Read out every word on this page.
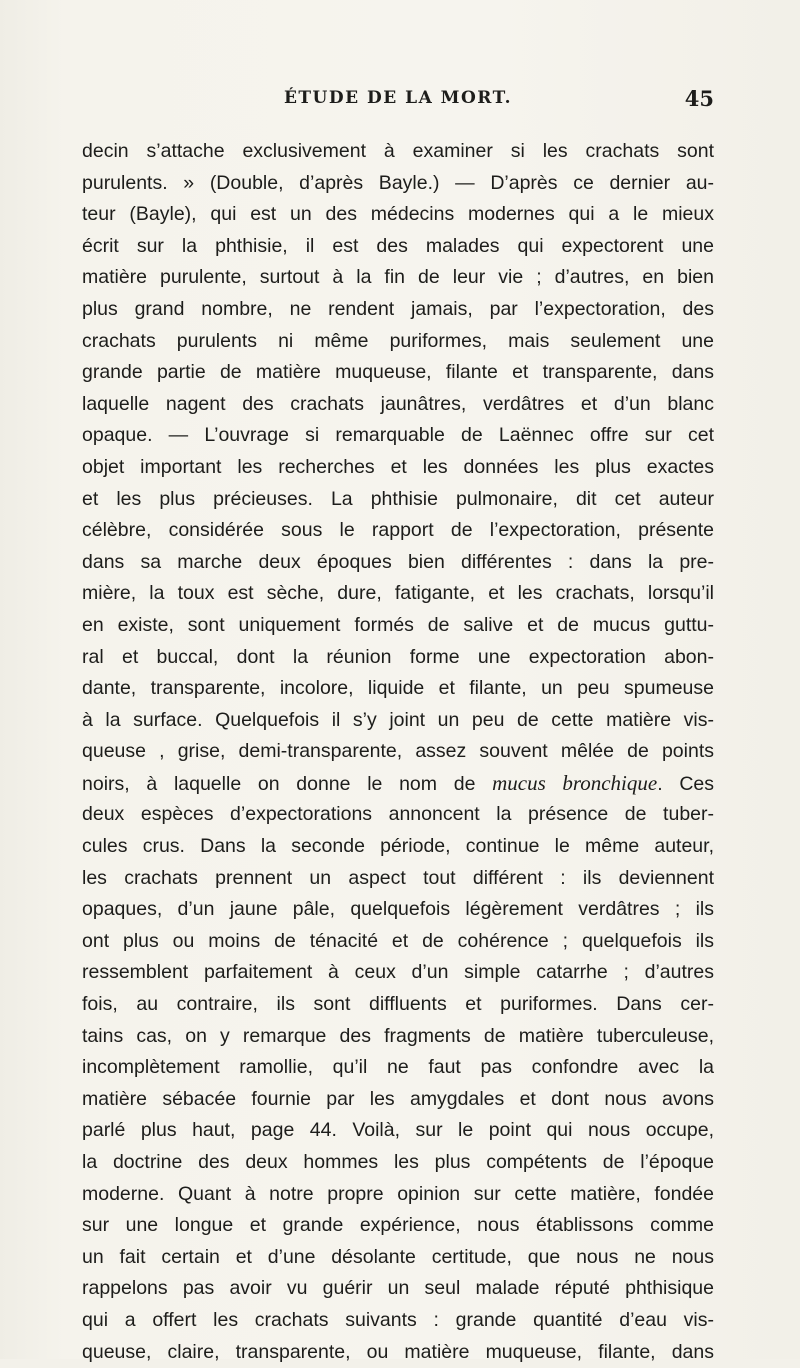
ÉTUDE DE LA MORT.	45
decin s’attache exclusivement à examiner si les crachats sont
purulents. » (Double, d’après Bayle.) — D’après ce dernier au-
teur (Bayle), qui est un des médecins modernes qui a le mieux
écrit sur la phthisie, il est des malades qui expectorent une
matière purulente, surtout à la fin de leur vie ; d’autres, en bien
plus grand nombre, ne rendent jamais, par l’expectoration, des
crachats purulents ni même puriformes, mais seulement une
grande partie de matière muqueuse, filante et transparente, dans
laquelle nagent des crachats jaunâtres, verdâtres et d’un blanc
opaque. — L’ouvrage si remarquable de Laënnec offre sur cet
objet important les recherches et les données les plus exactes
et les plus précieuses. La phthisie pulmonaire, dit cet auteur
célèbre, considérée sous le rapport de l’expectoration, présente
dans sa marche deux époques bien différentes : dans la pre-
mière, la toux est sèche, dure, fatigante, et les crachats, lorsqu’il
en existe, sont uniquement formés de salive et de mucus guttu-
ral et buccal, dont la réunion forme une expectoration abon-
dante, transparente, incolore, liquide et filante, un peu spumeuse
à la surface. Quelquefois il s’y joint un peu de cette matière vis-
queuse , grise, demi-transparente, assez souvent mêlée de points
noirs, à laquelle on donne le nom de mucus bronchique. Ces
deux espèces d’expectorations annoncent la présence de tuber-
cules crus. Dans la seconde période, continue le même auteur,
les crachats prennent un aspect tout différent : ils deviennent
opaques, d’un jaune pâle, quelquefois légèrement verdâtres ; ils
ont plus ou moins de ténacité et de cohérence ; quelquefois ils
ressemblent parfaitement à ceux d’un simple catarrhe ; d’autres
fois, au contraire, ils sont diffluents et puriformes. Dans cer-
tains cas, on y remarque des fragments de matière tuberculeuse,
incomplètement ramollie, qu’il ne faut pas confondre avec la
matière sébacée fournie par les amygdales et dont nous avons
parlé plus haut, page 44. Voilà, sur le point qui nous occupe,
la doctrine des deux hommes les plus compétents de l’époque
moderne. Quant à notre propre opinion sur cette matière, fondée
sur une longue et grande expérience, nous établissons comme
un fait certain et d’une désolante certitude, que nous ne nous
rappelons pas avoir vu guérir un seul malade réputé phthisique
qui a offert les crachats suivants : grande quantité d’eau vis-
queuse, claire, transparente, ou matière muqueuse, filante, dans
